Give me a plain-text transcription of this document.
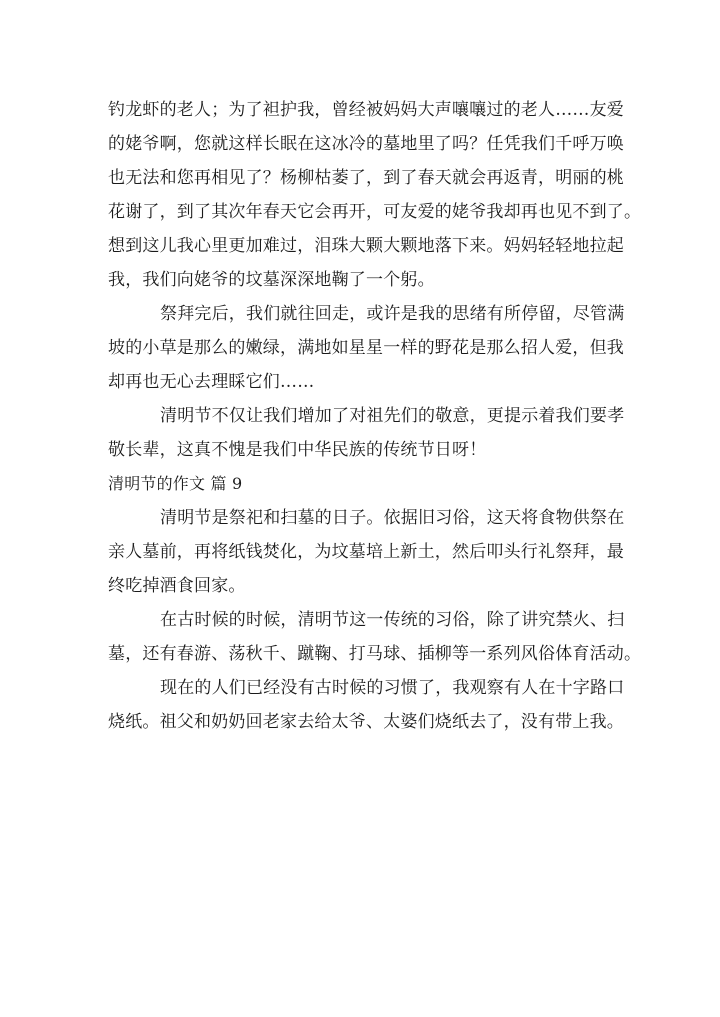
钓龙虾的老人；为了袒护我，曾经被妈妈大声嚷嚷过的老人……友爱
的姥爷啊，您就这样长眠在这冰冷的墓地里了吗？任凭我们千呼万唤
也无法和您再相见了？杨柳枯萎了，到了春天就会再返青，明丽的桃
花谢了，到了其次年春天它会再开，可友爱的姥爷我却再也见不到了。
想到这儿我心里更加难过，泪珠大颗大颗地落下来。妈妈轻轻地拉起
我，我们向姥爷的坟墓深深地鞠了一个躬。
祭拜完后，我们就往回走，或许是我的思绪有所停留，尽管满
坡的小草是那么的嫩绿，满地如星星一样的野花是那么招人爱，但我
却再也无心去理睬它们……
清明节不仅让我们增加了对祖先们的敬意，更提示着我们要孝
敬长辈，这真不愧是我们中华民族的传统节日呀！
清明节的作文 篇 9
清明节是祭祀和扫墓的日子。依据旧习俗，这天将食物供祭在
亲人墓前，再将纸钱焚化，为坟墓培上新土，然后叩头行礼祭拜，最
终吃掉酒食回家。
在古时候的时候，清明节这一传统的习俗，除了讲究禁火、扫
墓，还有春游、荡秋千、蹴鞠、打马球、插柳等一系列风俗体育活动。
现在的人们已经没有古时候的习惯了，我观察有人在十字路口
烧纸。祖父和奶奶回老家去给太爷、太婆们烧纸去了，没有带上我。
